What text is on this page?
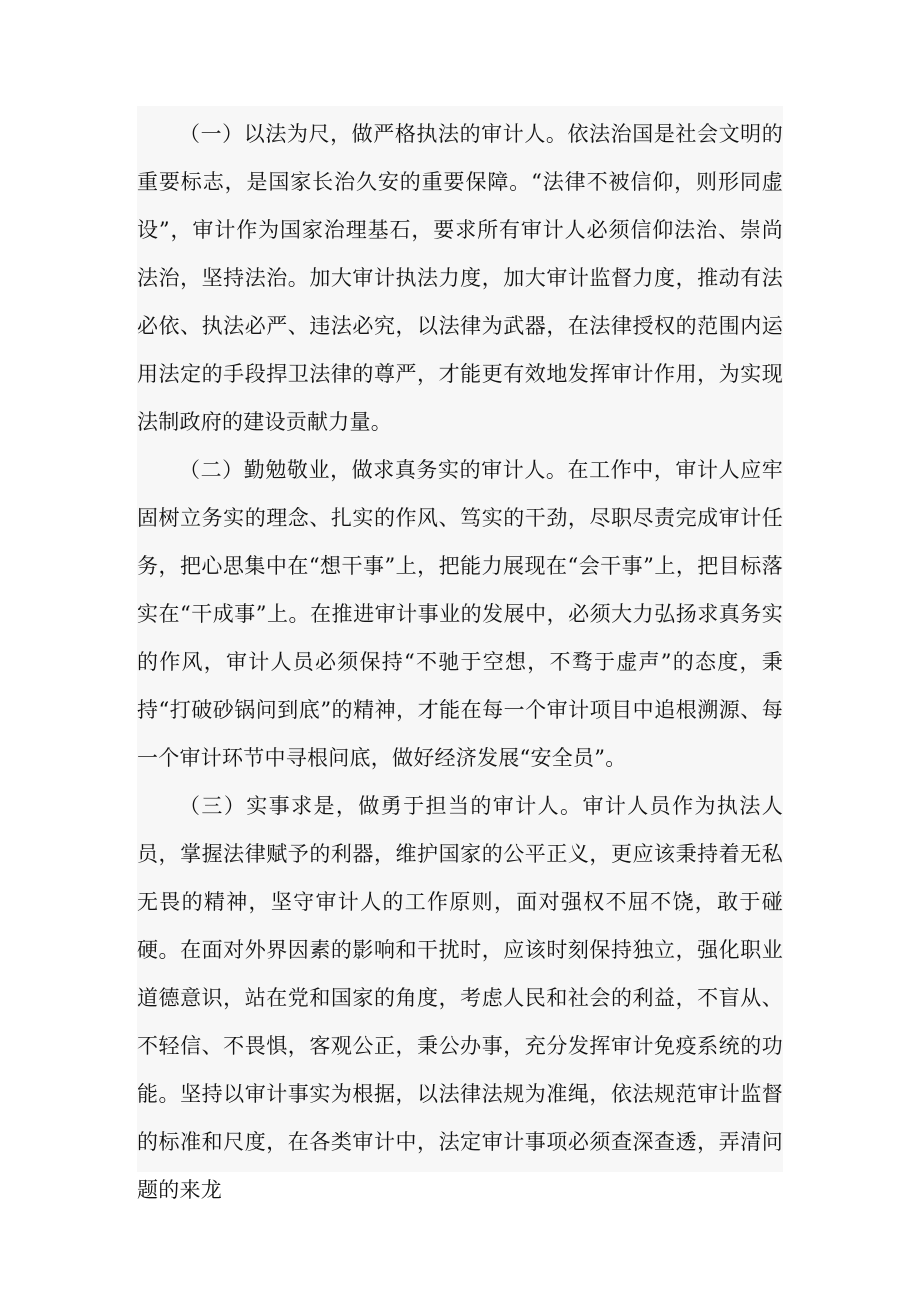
（一）以法为尺，做严格执法的审计人。依法治国是社会文明的重要标志，是国家长治久安的重要保障。“法律不被信仰，则形同虚设”，审计作为国家治理基石，要求所有审计人必须信仰法治、崇尚法治，坚持法治。加大审计执法力度，加大审计监督力度，推动有法必依、执法必严、违法必究，以法律为武器，在法律授权的范围内运用法定的手段捍卫法律的尊严，才能更有效地发挥审计作用，为实现法制政府的建设贡献力量。

（二）勤勉敬业，做求真务实的审计人。在工作中，审计人应牢固树立务实的理念、扎实的作风、笃实的干劲，尽职尽责完成审计任务，把心思集中在“想干事”上，把能力展现在“会干事”上，把目标落实在“干成事”上。在推进审计事业的发展中，必须大力弘扬求真务实的作风，审计人员必须保持“不驰于空想，不骛于虚声”的态度，秉持“打破砂锅问到底”的精神，才能在每一个审计项目中追根溯源、每一个审计环节中寻根问底，做好经济发展“安全员”。

（三）实事求是，做勇于担当的审计人。审计人员作为执法人员，掌握法律赋予的利器，维护国家的公平正义，更应该秉持着无私无畏的精神，坚守审计人的工作原则，面对强权不屈不饶，敢于碰硬。在面对外界因素的影响和干扰时，应该时刻保持独立，强化职业道德意识，站在党和国家的角度，考虑人民和社会的利益，不盲从、不轻信、不畏惧，客观公正，秉公办事，充分发挥审计免疫系统的功能。坚持以审计事实为根据，以法律法规为准绳，依法规范审计监督的标准和尺度，在各类审计中，法定审计事项必须查深查透，弄清问题的来龙
